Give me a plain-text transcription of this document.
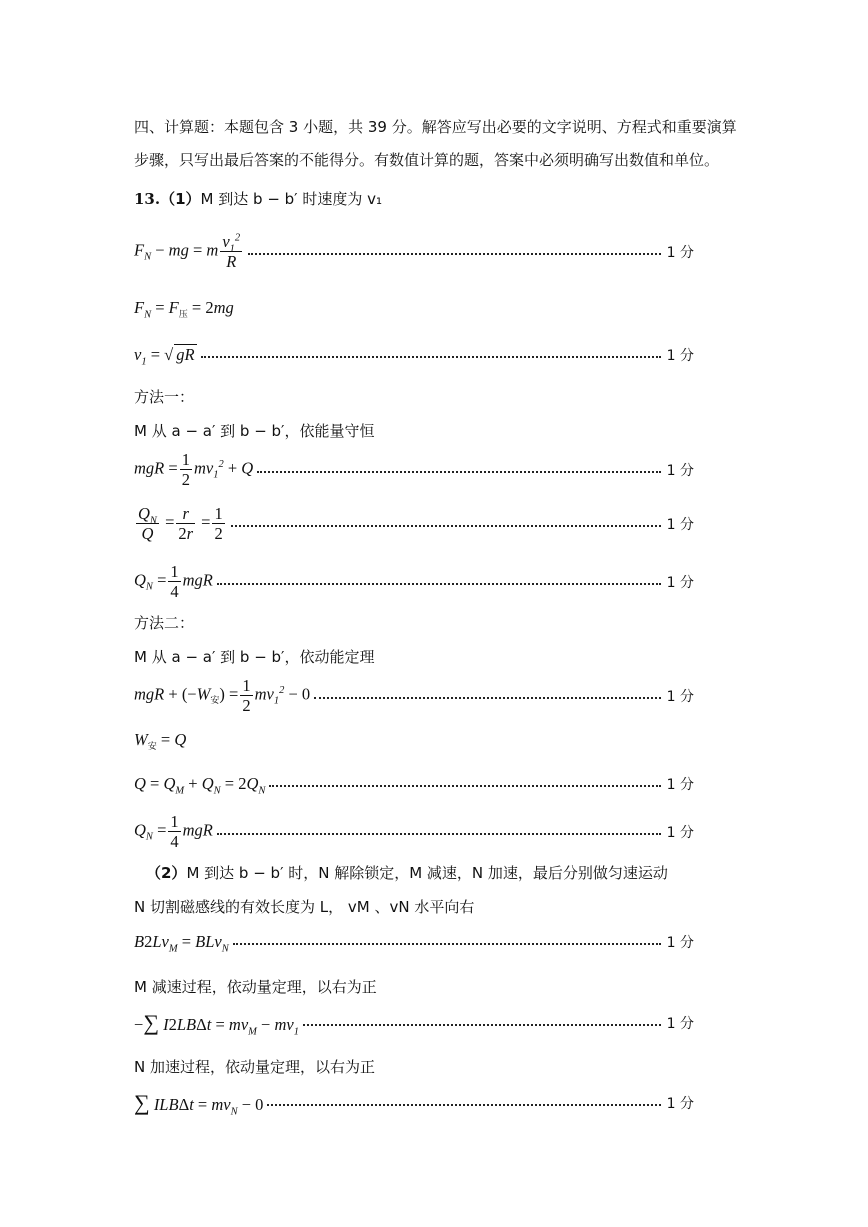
四、计算题：本题包含 3 小题，共 39 分。解答应写出必要的文字说明、方程式和重要演算
步骤，只写出最后答案的不能得分。有数值计算的题，答案中必须明确写出数值和单位。
13.（1）M 到达 b − b′ 时速度为 v₁
$F_N$ − mg = m $\frac{v_1^2}{R}$	1 分
$F_N = F_压 = 2mg$
$v_1$ = √ gR	1 分
方法一：
M 从 a − a′ 到 b − b′，依能量守恒
mgR = $\frac{1}{2} mv_1^2 + Q$	1 分
$\frac{Q_N}{Q} = \frac{r}{2r} = \frac{1}{2}$	1 分
$Q_N = \frac{1}{4}$ mgR	1 分
方法二：
M 从 a − a′ 到 b − b′，依动能定理
mgR + $(-W_安) = \frac{1}{2} mv_1^2 - 0$	1 分
$W_安 = Q$
$Q = Q_M + Q_N = 2Q_N$	1 分
$Q_N = \frac{1}{4}$ mgR	1 分
（2）M 到达 b − b′ 时，N 解除锁定，M 减速，N 加速，最后分别做匀速运动
N 切割磁感线的有效长度为 L， vM 、vN 水平向右
$B2Lv_M = BLv_N$	1 分
M 减速过程，依动量定理，以右为正
−∑ $I2LB\Delta t = mv_M - mv_1$	1 分
N 加速过程，依动量定理，以右为正
∑ $ILB\Delta t = mv_N - 0$	1 分
